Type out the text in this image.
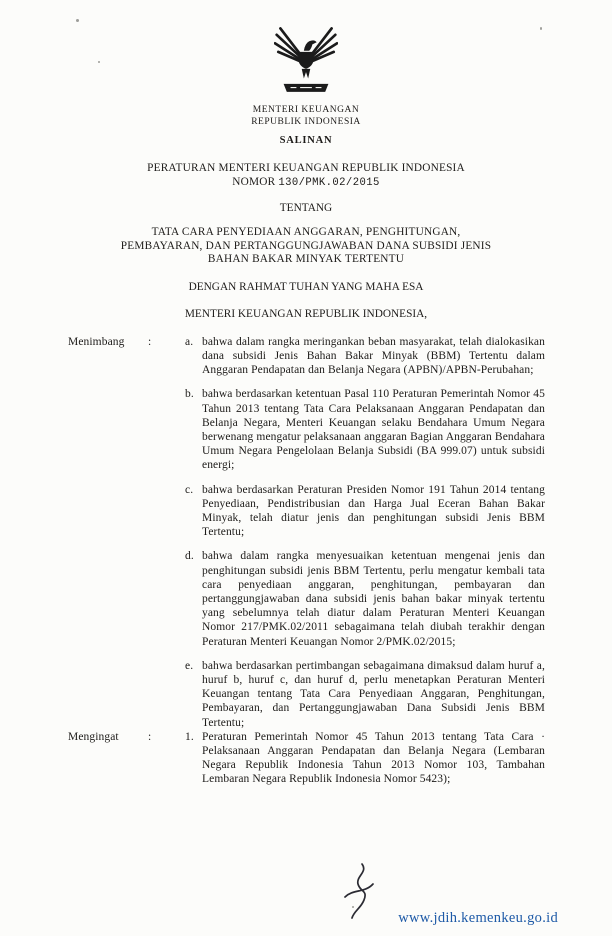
MENTERI KEUANGAN
REPUBLIK INDONESIA
SALINAN
PERATURAN MENTERI KEUANGAN REPUBLIK INDONESIA
NOMOR 130/PMK.02/2015
TENTANG
TATA CARA PENYEDIAAN ANGGARAN, PENGHITUNGAN, PEMBAYARAN, DAN PERTANGGUNGJAWABAN DANA SUBSIDI JENIS BAHAN BAKAR MINYAK TERTENTU
DENGAN RAHMAT TUHAN YANG MAHA ESA
MENTERI KEUANGAN REPUBLIK INDONESIA,
Menimbang	:	a. bahwa dalam rangka meringankan beban masyarakat, telah dialokasikan dana subsidi Jenis Bahan Bakar Minyak (BBM) Tertentu dalam Anggaran Pendapatan dan Belanja Negara (APBN)/APBN-Perubahan;
b. bahwa berdasarkan ketentuan Pasal 110 Peraturan Pemerintah Nomor 45 Tahun 2013 tentang Tata Cara Pelaksanaan Anggaran Pendapatan dan Belanja Negara, Menteri Keuangan selaku Bendahara Umum Negara berwenang mengatur pelaksanaan anggaran Bagian Anggaran Bendahara Umum Negara Pengelolaan Belanja Subsidi (BA 999.07) untuk subsidi energi;
c. bahwa berdasarkan Peraturan Presiden Nomor 191 Tahun 2014 tentang Penyediaan, Pendistribusian dan Harga Jual Eceran Bahan Bakar Minyak, telah diatur jenis dan penghitungan subsidi Jenis BBM Tertentu;
d. bahwa dalam rangka menyesuaikan ketentuan mengenai jenis dan penghitungan subsidi jenis BBM Tertentu, perlu mengatur kembali tata cara penyediaan anggaran, penghitungan, pembayaran dan pertanggungjawaban dana subsidi jenis bahan bakar minyak tertentu yang sebelumnya telah diatur dalam Peraturan Menteri Keuangan Nomor 217/PMK.02/2011 sebagaimana telah diubah terakhir dengan Peraturan Menteri Keuangan Nomor 2/PMK.02/2015;
e. bahwa berdasarkan pertimbangan sebagaimana dimaksud dalam huruf a, huruf b, huruf c, dan huruf d, perlu menetapkan Peraturan Menteri Keuangan tentang Tata Cara Penyediaan Anggaran, Penghitungan, Pembayaran, dan Pertanggungjawaban Dana Subsidi Jenis BBM Tertentu;
Mengingat	:	1. Peraturan Pemerintah Nomor 45 Tahun 2013 tentang Tata Cara · Pelaksanaan Anggaran Pendapatan dan Belanja Negara (Lembaran Negara Republik Indonesia Tahun 2013 Nomor 103, Tambahan Lembaran Negara Republik Indonesia Nomor 5423);
www.jdih.kemenkeu.go.id
